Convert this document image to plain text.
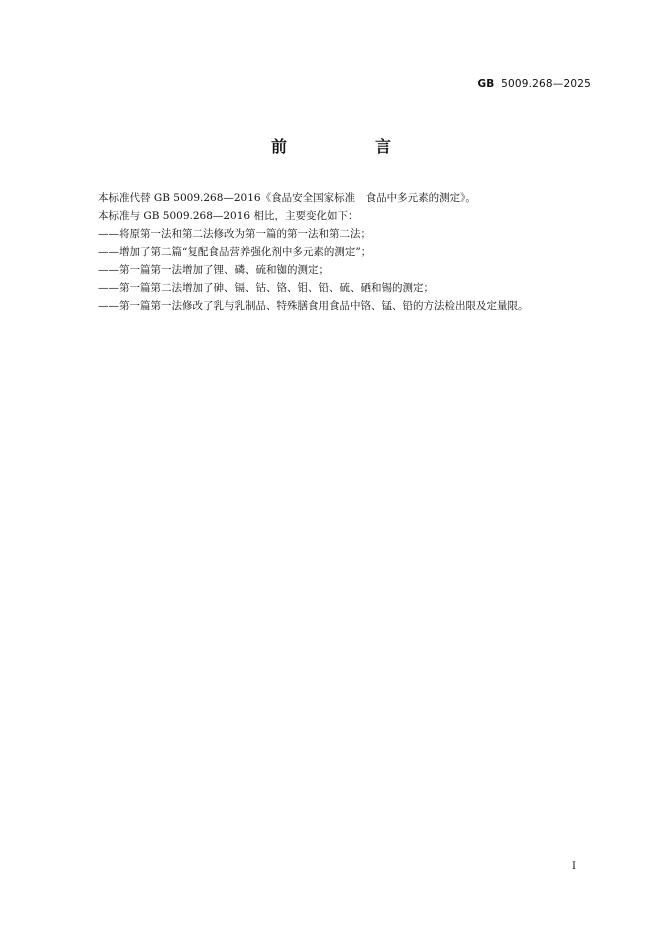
GB 5009.268—2025
前　言
本标准代替 GB 5009.268—2016《食品安全国家标准　食品中多元素的测定》。
本标准与 GB 5009.268—2016 相比，主要变化如下：
——将原第一法和第二法修改为第一篇的第一法和第二法；
——增加了第二篇“复配食品营养强化剂中多元素的测定”；
——第一篇第一法增加了锂、磷、硫和铷的测定；
——第一篇第二法增加了砷、镉、钴、铬、钼、铅、硫、硒和锡的测定；
——第一篇第一法修改了乳与乳制品、特殊膳食用食品中铬、锰、铅的方法检出限及定量限。
I
